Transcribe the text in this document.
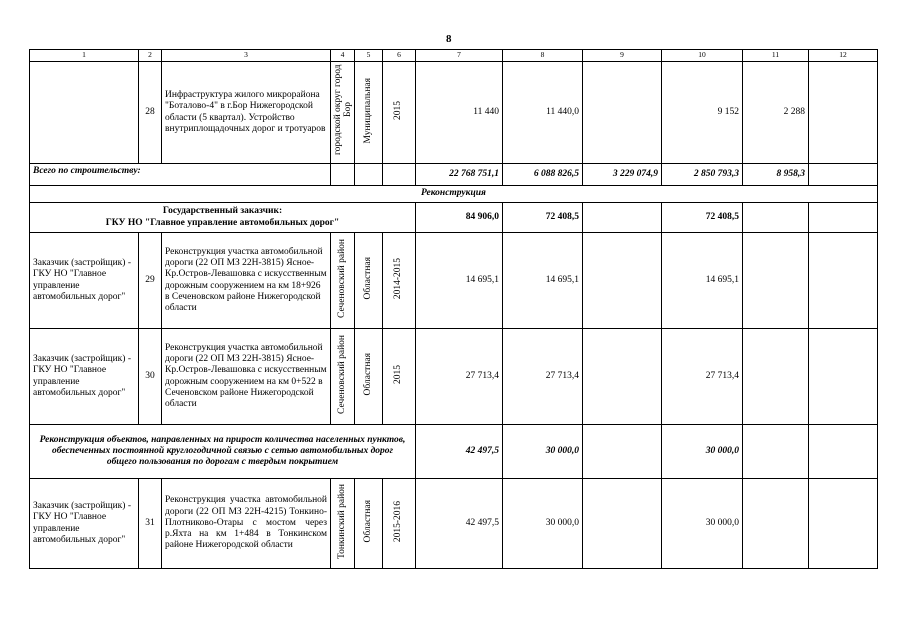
8
1	2	3	4	5	6	7	8	9	10	11	12
	28	Инфраструктура жилого микрорайона "Боталово-4" в г.Бор Нижегородской области (5 квартал). Устройство внутриплощадочных дорог и тротуаров	городской округ город Бор	Муниципальная	2015	11 440	11 440,0		9 152	2 288	
Всего по строительству:						22 768 751,1	6 088 826,5	3 229 074,9	2 850 793,3	8 958,3	
Реконструкция											

Государственный заказчик:
ГКУ НО "Главное управление автомобильных дорог"						84 906,0	72 408,5		72 408,5		
Заказчик (застройщик) - ГКУ НО "Главное управление автомобильных дорог"	29	Реконструкция участка автомобильной дороги (22 ОП МЗ 22Н-3815) Ясное-Кр.Остров-Левашовка с искусственным дорожным сооружением на км 18+926 в Сеченовском районе Нижегородской области	Сеченовский район	Областная	2014-2015	14 695,1	14 695,1		14 695,1		
Заказчик (застройщик) - ГКУ НО "Главное управление автомобильных дорог"	30	Реконструкция участка автомобильной дороги (22 ОП МЗ 22Н-3815) Ясное-Кр.Остров-Левашовка с искусственным дорожным сооружением на км 0+522 в Сеченовском районе Нижегородской области	Сеченовский район	Областная	2015	27 713,4	27 713,4		27 713,4		
Реконструкция объектов, направленных на прирост количества населенных пунктов, обеспеченных постоянной круглогодичной связью с сетью автомобильных дорог общего пользования по дорогам с твердым покрытием						42 497,5	30 000,0		30 000,0		
Заказчик (застройщик) - ГКУ НО "Главное управление автомобильных дорог"	31	Реконструкция участка автомобильной дороги (22 ОП МЗ 22Н-4215) Тонкино-Плотниково-Отары с мостом через р.Яхта на км 1+484 в Тонкинском районе Нижегородской области	Тонкинский район	Областная	2015-2016	42 497,5	30 000,0		30 000,0		
